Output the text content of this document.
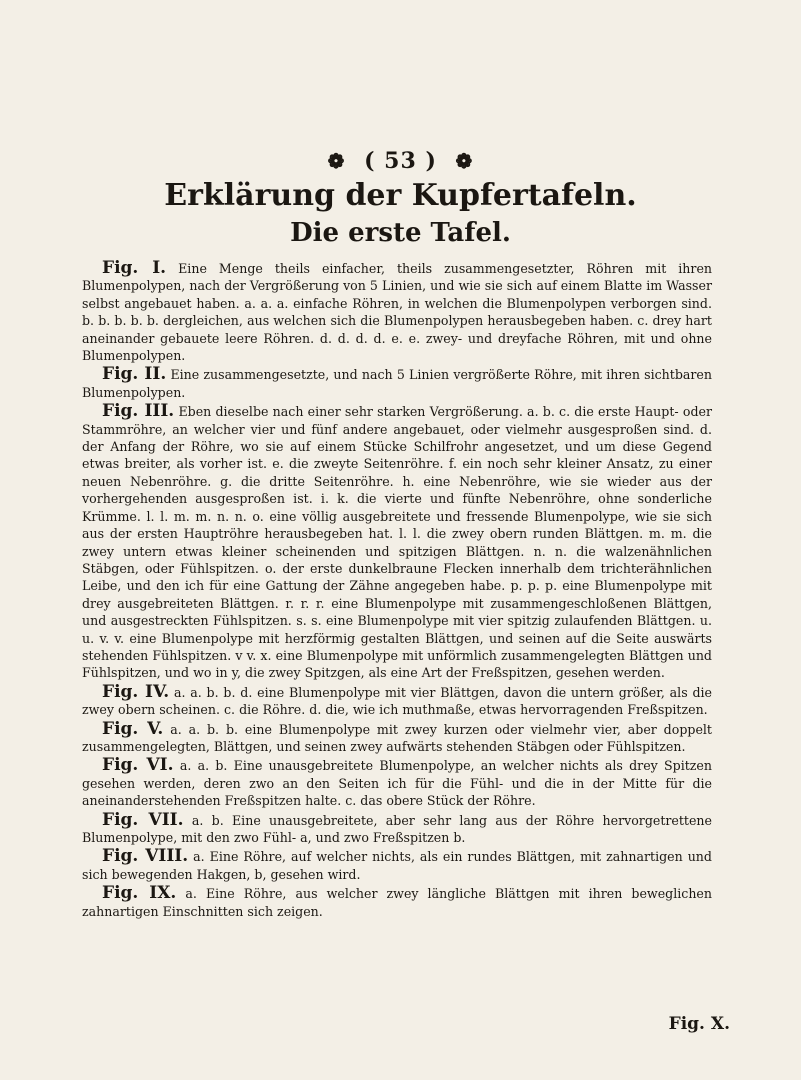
❁ ( 53 ) ❁
Erklärung der Kupfertafeln.
Die erste Tafel.

Fig. I. Eine Menge theils einfacher, theils zusammengesetzter, Röhren mit ihren Blumenpolypen, nach der Vergrößerung von 5 Linien, und wie sie sich auf einem Blatte im Wasser selbst angebauet haben. a. a. a. einfache Röhren, in welchen die Blumenpolypen verborgen sind. b. b. b. b. b. dergleichen, aus welchen sich die Blumenpolypen herausbegeben haben. c. drey hart aneinander gebauete leere Röhren. d. d. d. d. e. e. zwey- und dreyfache Röhren, mit und ohne Blumenpolypen.

Fig. II. Eine zusammengesetzte, und nach 5 Linien vergrößerte Röhre, mit ihren sichtbaren Blumenpolypen.

Fig. III. Eben dieselbe nach einer sehr starken Vergrößerung. a. b. c. die erste Haupt- oder Stammröhre, an welcher vier und fünf andere angebauet, oder vielmehr ausgesproßen sind. d. der Anfang der Röhre, wo sie auf einem Stücke Schilfrohr angesetzet, und um diese Gegend etwas breiter, als vorher ist. e. die zweyte Seitenröhre. f. ein noch sehr kleiner Ansatz, zu einer neuen Nebenröhre. g. die dritte Seitenröhre. h. eine Nebenröhre, wie sie wieder aus der vorhergehenden ausgesproßen ist. i. k. die vierte und fünfte Nebenröhre, ohne sonderliche Krümme. l. l. m. m. n. n. o. eine völlig ausgebreitete und fressende Blumenpolype, wie sie sich aus der ersten Hauptröhre herausbegeben hat. l. l. die zwey obern runden Blättgen. m. m. die zwey untern etwas kleiner scheinenden und spitzigen Blättgen. n. n. die walzenähnlichen Stäbgen, oder Fühlspitzen. o. der erste dunkelbraune Flecken innerhalb dem trichterähnlichen Leibe, und den ich für eine Gattung der Zähne angegeben habe. p. p. p. eine Blumenpolype mit drey ausgebreiteten Blättgen. r. r. r. eine Blumenpolype mit zusammengeschloßenen Blättgen, und ausgestreckten Fühlspitzen. s. s. eine Blumenpolype mit vier spitzig zulaufenden Blättgen. u. u. v. v. eine Blumenpolype mit herzförmig gestalten Blättgen, und seinen auf die Seite auswärts stehenden Fühlspitzen. v v. x. eine Blumenpolype mit unförmlich zusammengelegten Blättgen und Fühlspitzen, und wo in y, die zwey Spitzgen, als eine Art der Freßspitzen, gesehen werden.

Fig. IV. a. a. b. b. d. eine Blumenpolype mit vier Blättgen, davon die untern größer, als die zwey obern scheinen. c. die Röhre. d. die, wie ich muthmaße, etwas hervorragenden Freßspitzen.

Fig. V. a. a. b. b. eine Blumenpolype mit zwey kurzen oder vielmehr vier, aber doppelt zusammengelegten, Blättgen, und seinen zwey aufwärts stehenden Stäbgen oder Fühlspitzen.

Fig. VI. a. a. b. Eine unausgebreitete Blumenpolype, an welcher nichts als drey Spitzen gesehen werden, deren zwo an den Seiten ich für die Fühl- und die in der Mitte für die aneinanderstehenden Freßspitzen halte. c. das obere Stück der Röhre.

Fig. VII. a. b. Eine unausgebreitete, aber sehr lang aus der Röhre hervorgetrettene Blumenpolype, mit den zwo Fühl- a, und zwo Freßspitzen b.

Fig. VIII. a. Eine Röhre, auf welcher nichts, als ein rundes Blättgen, mit zahnartigen und sich bewegenden Hakgen, b, gesehen wird.

Fig. IX. a. Eine Röhre, aus welcher zwey längliche Blättgen mit ihren beweglichen zahnartigen Einschnitten sich zeigen.

Fig. X.
